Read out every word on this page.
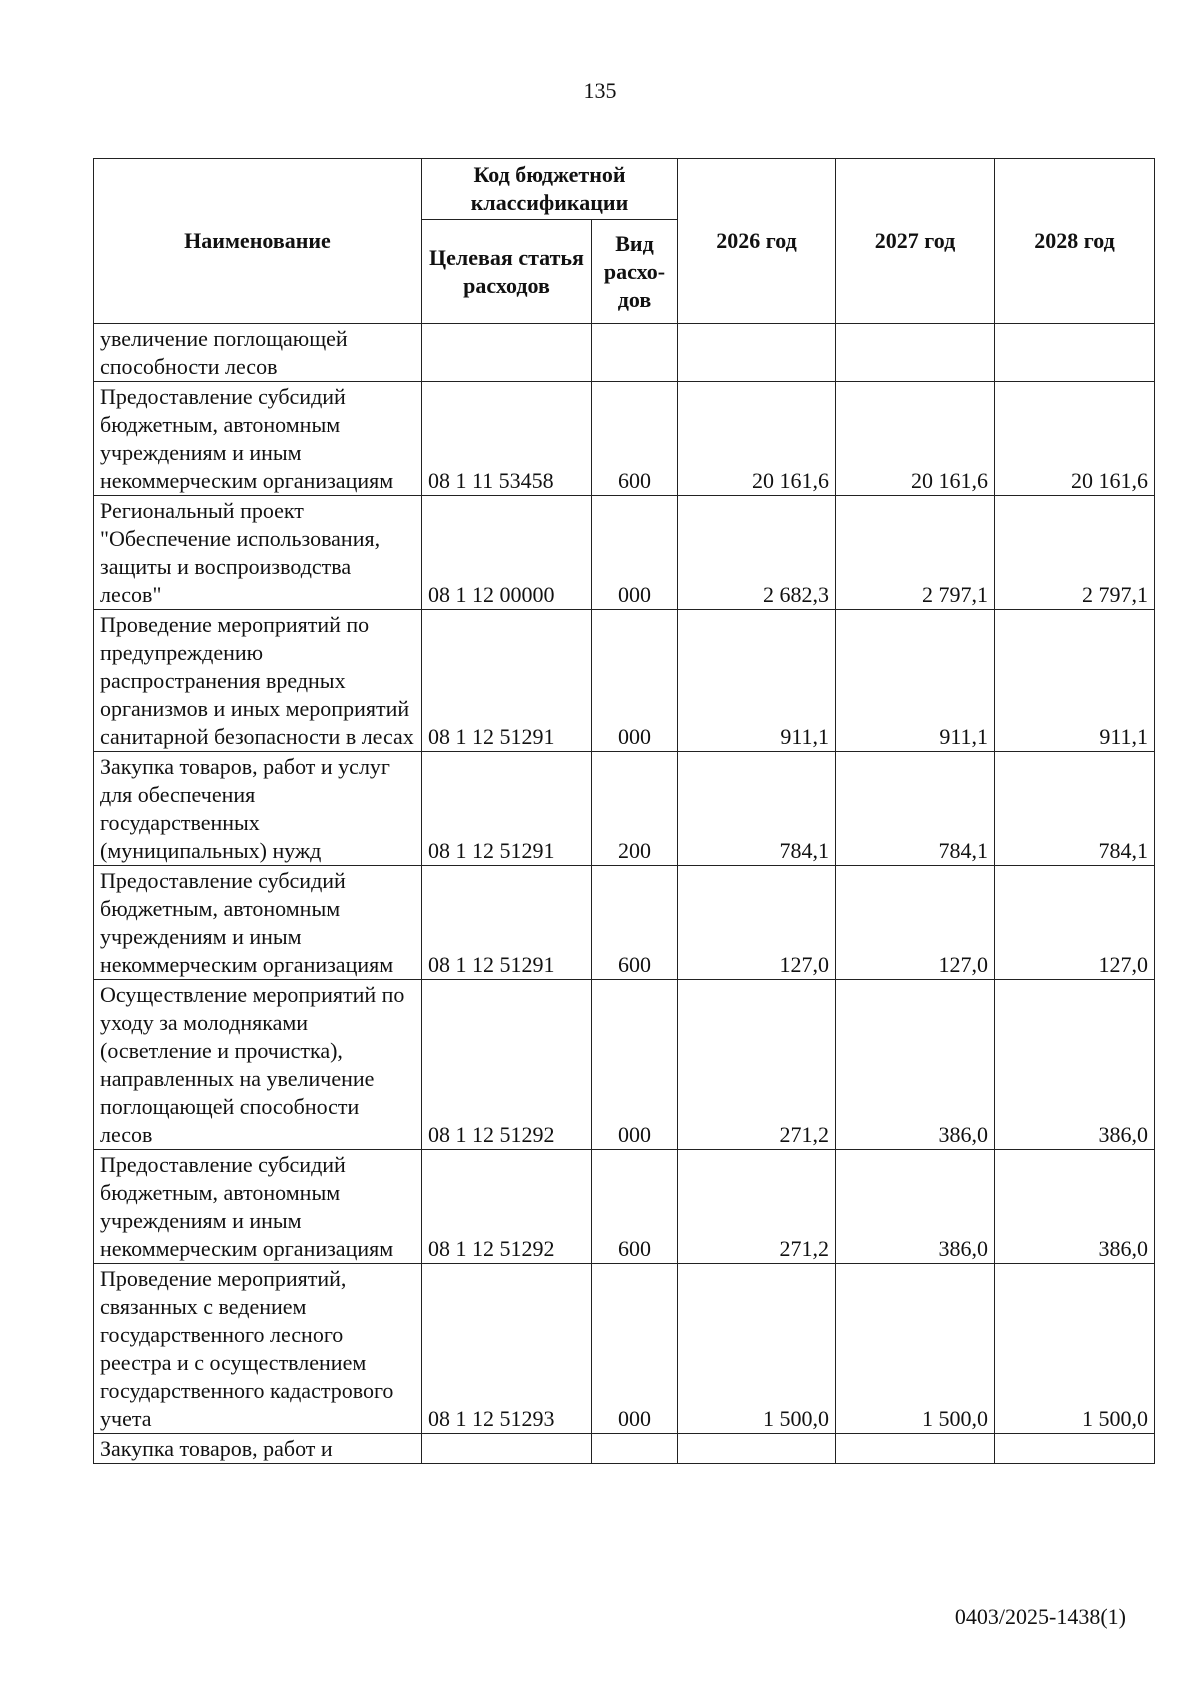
135
Наименование	Код бюджетной классификации		2026 год	2027 год	2028 год
	Целевая статья расходов	Вид расхо-дов			
увеличение поглощающей способности лесов					
Предоставление субсидий бюджетным, автономным учреждениям и иным некоммерческим организациям	08 1 11 53458	600	20 161,6	20 161,6	20 161,6
Региональный проект "Обеспечение использования, защиты и воспроизводства лесов"	08 1 12 00000	000	2 682,3	2 797,1	2 797,1
Проведение мероприятий по предупреждению распространения вредных организмов и иных мероприятий санитарной безопасности в лесах	08 1 12 51291	000	911,1	911,1	911,1
Закупка товаров, работ и услуг для обеспечения государственных (муниципальных) нужд	08 1 12 51291	200	784,1	784,1	784,1
Предоставление субсидий бюджетным, автономным учреждениям и иным некоммерческим организациям	08 1 12 51291	600	127,0	127,0	127,0
Осуществление мероприятий по уходу за молодняками (осветление и прочистка), направленных на увеличение поглощающей способности лесов	08 1 12 51292	000	271,2	386,0	386,0
Предоставление субсидий бюджетным, автономным учреждениям и иным некоммерческим организациям	08 1 12 51292	600	271,2	386,0	386,0
Проведение мероприятий, связанных с ведением государственного лесного реестра и с осуществлением государственного кадастрового учета	08 1 12 51293	000	1 500,0	1 500,0	1 500,0
Закупка товаров, работ и					
0403/2025-1438(1)
